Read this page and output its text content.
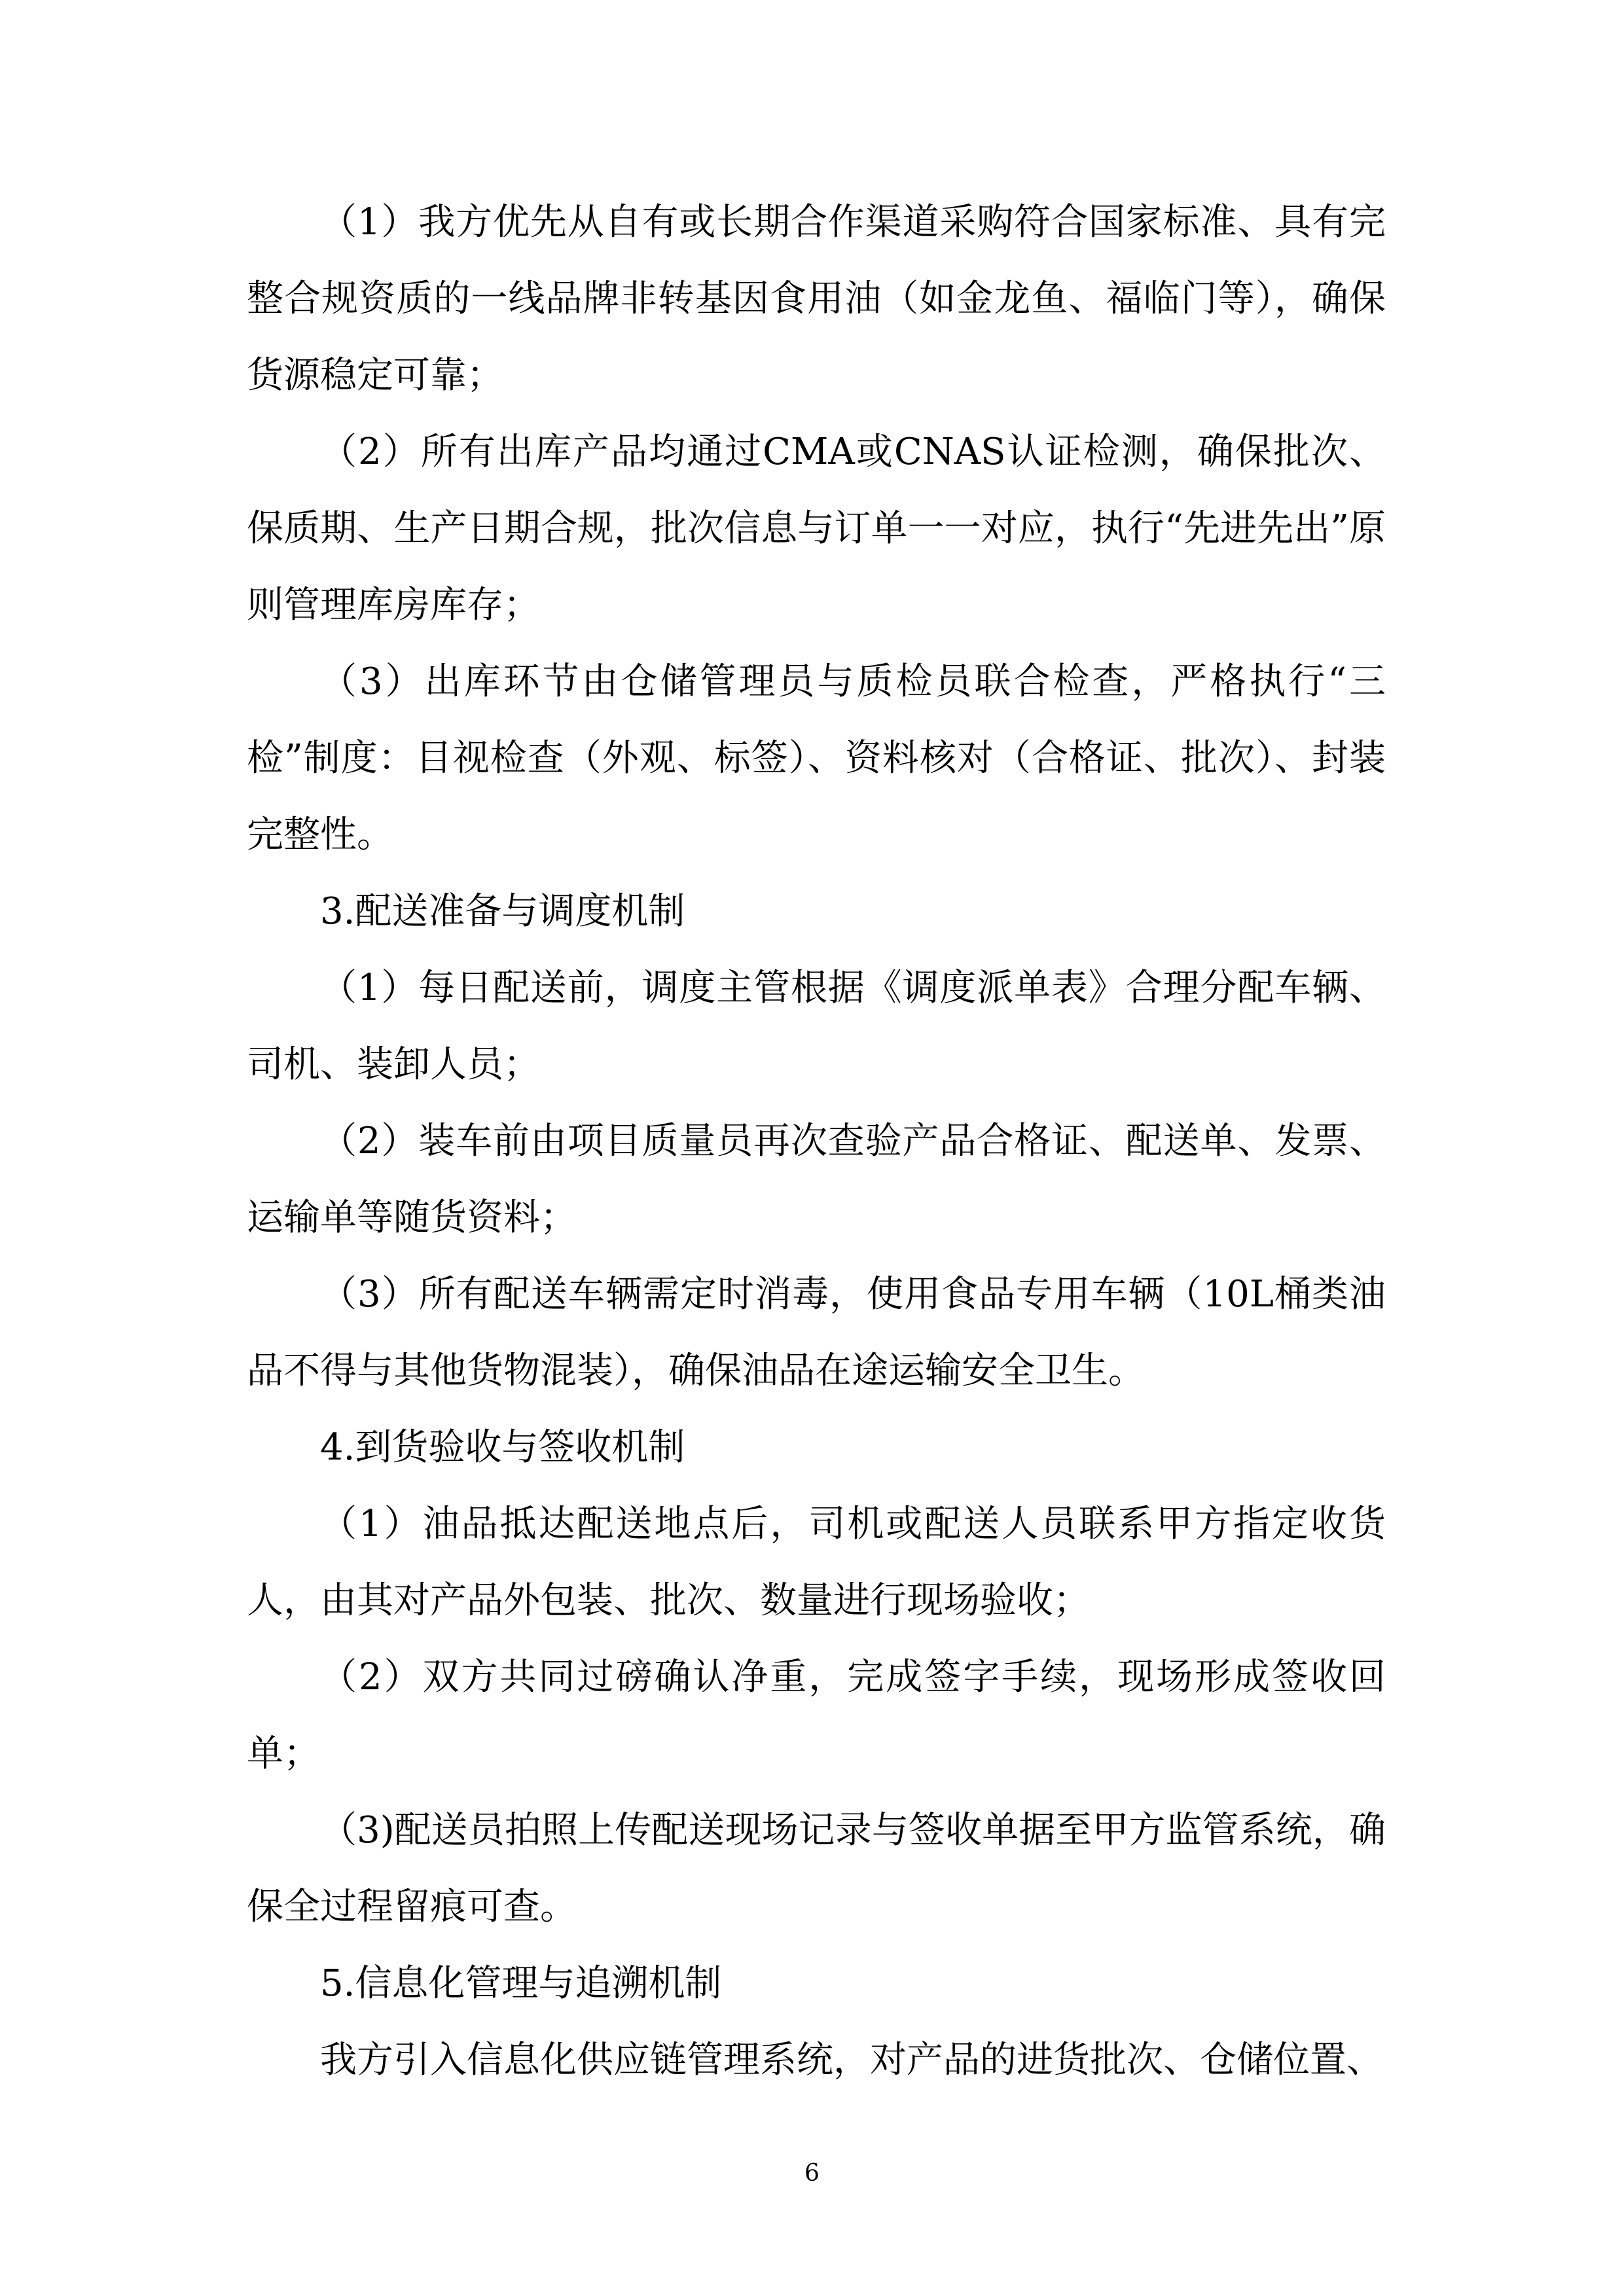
（1）我方优先从自有或长期合作渠道采购符合国家标准、具有完整合规资质的一线品牌非转基因食用油（如金龙鱼、福临门等），确保货源稳定可靠；

（2）所有出库产品均通过CMA或CNAS认证检测，确保批次、保质期、生产日期合规，批次信息与订单一一对应，执行“先进先出”原则管理库房库存；

（3）出库环节由仓储管理员与质检员联合检查，严格执行“三检”制度：目视检查（外观、标签）、资料核对（合格证、批次）、封装完整性。

3.配送准备与调度机制

（1）每日配送前，调度主管根据《调度派单表》合理分配车辆、司机、装卸人员；

（2）装车前由项目质量员再次查验产品合格证、配送单、发票、运输单等随货资料；

（3）所有配送车辆需定时消毒，使用食品专用车辆（10L桶类油品不得与其他货物混装），确保油品在途运输安全卫生。

4.到货验收与签收机制

（1）油品抵达配送地点后，司机或配送人员联系甲方指定收货人，由其对产品外包装、批次、数量进行现场验收；

（2）双方共同过磅确认净重，完成签字手续，现场形成签收回单；

（3)配送员拍照上传配送现场记录与签收单据至甲方监管系统，确保全过程留痕可查。

5.信息化管理与追溯机制

我方引入信息化供应链管理系统，对产品的进货批次、仓储位置、

6
